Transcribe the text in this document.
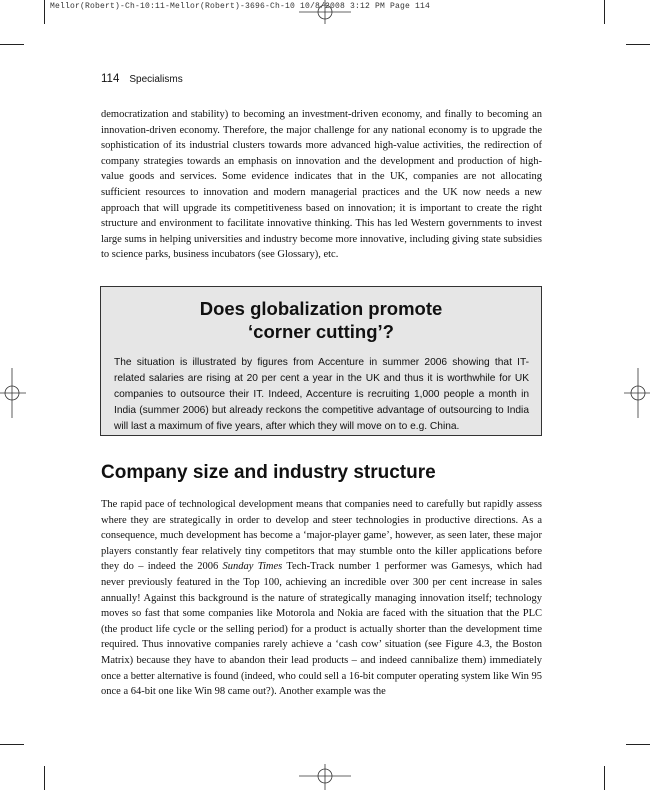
Mellor(Robert)-Ch-10:11-Mellor(Robert)-3696-Ch-10 10/8/2008 3:12 PM Page 114
114 Specialisms
democratization and stability) to becoming an investment-driven economy, and finally to becoming an innovation-driven economy. Therefore, the major challenge for any national economy is to upgrade the sophistication of its industrial clusters towards more advanced high-value activities, the redirection of company strategies towards an emphasis on innovation and the development and production of high-value goods and services. Some evidence indicates that in the UK, companies are not allocating sufficient resources to innovation and modern managerial practices and the UK now needs a new approach that will upgrade its competitiveness based on innovation; it is important to create the right structure and environment to facilitate innovative thinking. This has led Western governments to invest large sums in helping universities and industry become more innovative, including giving state subsidies to science parks, business incubators (see Glossary), etc.
Does globalization promote
‘corner cutting’?

The situation is illustrated by figures from Accenture in summer 2006 showing that IT-related salaries are rising at 20 per cent a year in the UK and thus it is worthwhile for UK companies to outsource their IT. Indeed, Accenture is recruiting 1,000 people a month in India (summer 2006) but already reckons the competitive advantage of outsourcing to India will last a maximum of five years, after which they will move on to e.g. China.

Company size and industry structure
The rapid pace of technological development means that companies need to carefully but rapidly assess where they are strategically in order to develop and steer technologies in productive directions. As a consequence, much development has become a ‘major-player game’, however, as seen later, these major players constantly fear relatively tiny competitors that may stumble onto the killer applications before they do – indeed the 2006 Sunday Times Tech-Track number 1 performer was Gamesys, which had never previously featured in the Top 100, achieving an incredible over 300 per cent increase in sales annually! Against this background is the nature of strategically managing innovation itself; technology moves so fast that some companies like Motorola and Nokia are faced with the situation that the PLC (the product life cycle or the selling period) for a product is actually shorter than the development time required. Thus innovative companies rarely achieve a ‘cash cow’ situation (see Figure 4.3, the Boston Matrix) because they have to abandon their lead products – and indeed cannibalize them) immediately once a better alternative is found (indeed, who could sell a 16-bit computer operating system like Win 95 once a 64-bit one like Win 98 came out?). Another example was the
